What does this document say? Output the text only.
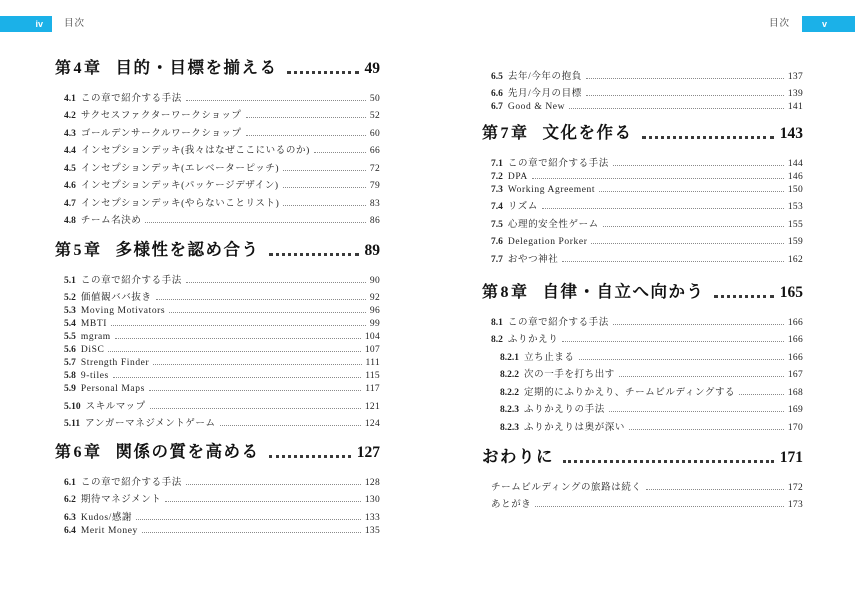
iv	目次	目次	v
第4章 目的・目標を揃える	49
4.1 この章で紹介する手法	50
4.2 サクセスファクターワークショップ	52
4.3 ゴールデンサークルワークショップ	60
4.4 インセプションデッキ(我々はなぜここにいるのか)	66
4.5 インセプションデッキ(エレベーターピッチ)	72
4.6 インセプションデッキ(パッケージデザイン)	79
4.7 インセプションデッキ(やらないことリスト)	83
4.8 チーム名決め	86
第5章 多様性を認め合う	89
5.1 この章で紹介する手法	90
5.2 価値観ババ抜き	92
5.3 Moving Motivators	96
5.4 MBTI	99
5.5 mgram	104
5.6 DiSC	107
5.7 Strength Finder	111
5.8 9-tiles	115
5.9 Personal Maps	117
5.10 スキルマップ	121
5.11 アンガーマネジメントゲーム	124
第6章 関係の質を高める	127
6.1 この章で紹介する手法	128
6.2 期待マネジメント	130
6.3 Kudos/感謝	133
6.4 Merit Money	135
6.5 去年/今年の抱負	137
6.6 先月/今月の目標	139
6.7 Good & New	141
第7章 文化を作る	143
7.1 この章で紹介する手法	144
7.2 DPA	146
7.3 Working Agreement	150
7.4 リズム	153
7.5 心理的安全性ゲーム	155
7.6 Delegation Porker	159
7.7 おやつ神社	162
第8章 自律・自立へ向かう	165
8.1 この章で紹介する手法	166
8.2 ふりかえり	166
8.2.1 立ち止まる	166
8.2.2 次の一手を打ち出す	167
8.2.2 定期的にふりかえり、チームビルディングする	168
8.2.3 ふりかえりの手法	169
8.2.3 ふりかえりは奥が深い	170
おわりに	171
チームビルディングの旅路は続く	172
あとがき	173
